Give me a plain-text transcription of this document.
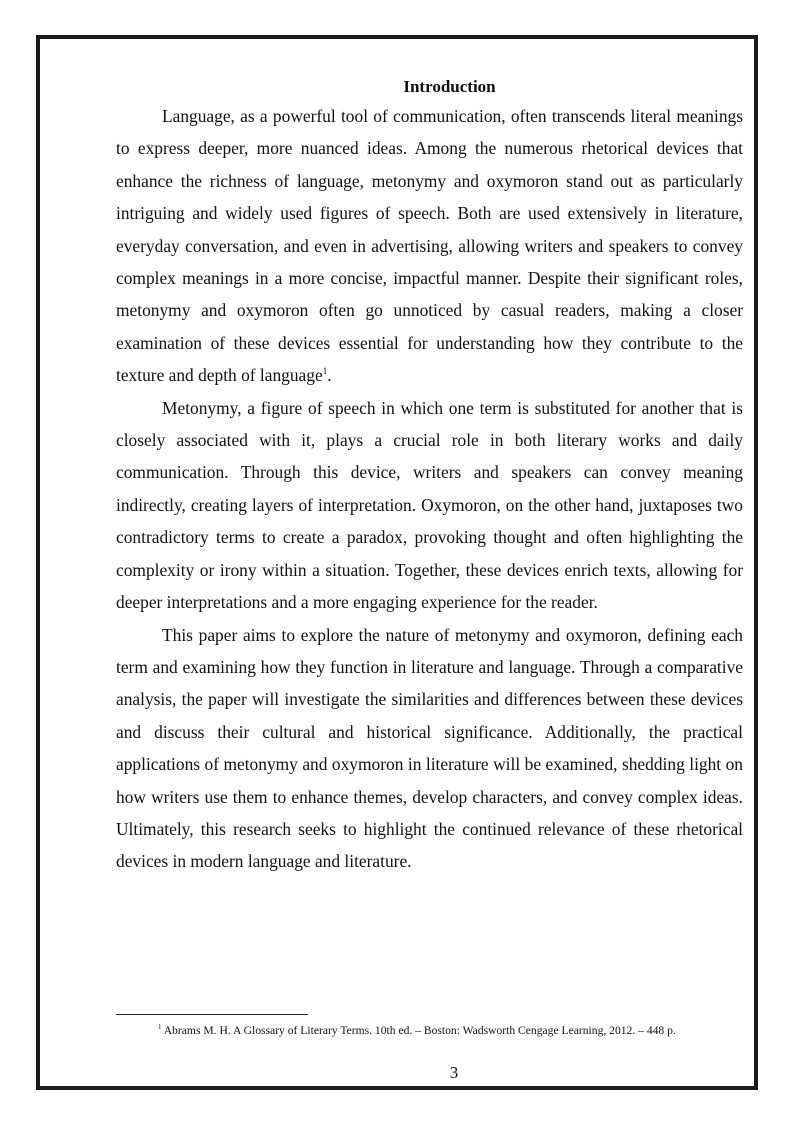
Introduction

Language, as a powerful tool of communication, often transcends literal meanings to express deeper, more nuanced ideas. Among the numerous rhetorical devices that enhance the richness of language, metonymy and oxymoron stand out as particularly intriguing and widely used figures of speech. Both are used extensively in literature, everyday conversation, and even in advertising, allowing writers and speakers to convey complex meanings in a more concise, impactful manner. Despite their significant roles, metonymy and oxymoron often go unnoticed by casual readers, making a closer examination of these devices essential for understanding how they contribute to the texture and depth of language$^1$.

Metonymy, a figure of speech in which one term is substituted for another that is closely associated with it, plays a crucial role in both literary works and daily communication. Through this device, writers and speakers can convey meaning indirectly, creating layers of interpretation. Oxymoron, on the other hand, juxtaposes two contradictory terms to create a paradox, provoking thought and often highlighting the complexity or irony within a situation. Together, these devices enrich texts, allowing for deeper interpretations and a more engaging experience for the reader.

This paper aims to explore the nature of metonymy and oxymoron, defining each term and examining how they function in literature and language. Through a comparative analysis, the paper will investigate the similarities and differences between these devices and discuss their cultural and historical significance. Additionally, the practical applications of metonymy and oxymoron in literature will be examined, shedding light on how writers use them to enhance themes, develop characters, and convey complex ideas. Ultimately, this research seeks to highlight the continued relevance of these rhetorical devices in modern language and literature.

$^1$ Abrams M. H. A Glossary of Literary Terms. 10th ed. – Boston: Wadsworth Cengage Learning, 2012. – 448 p.

3
